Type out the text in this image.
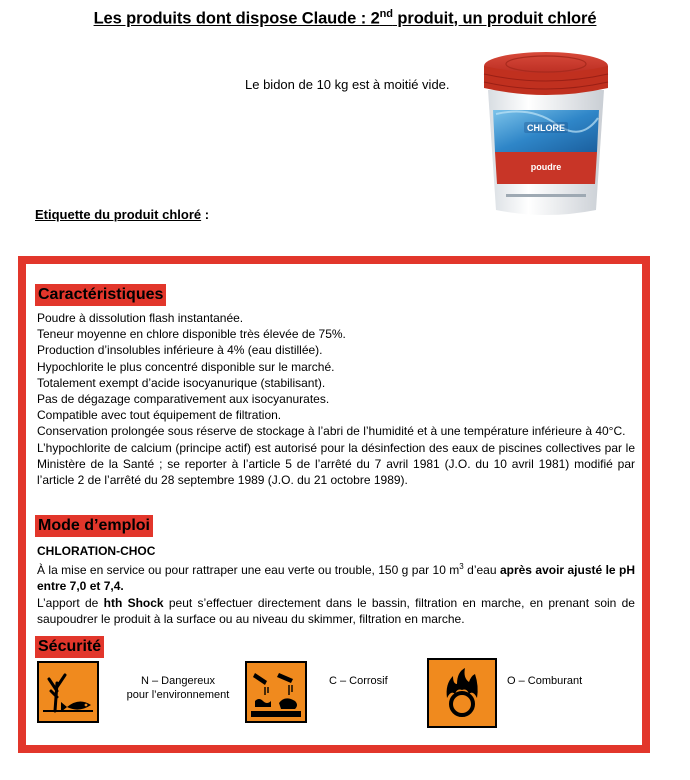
Les produits dont dispose Claude : 2nd produit, un produit chloré
Le bidon de 10 kg est à moitié vide.
CHLORE
poudre
Etiquette du produit chloré :
Caractéristiques

Poudre à dissolution flash instantanée.

Teneur moyenne en chlore disponible très élevée de 75%.

Production d’insolubles inférieure à 4% (eau distillée).

Hypochlorite le plus concentré disponible sur le marché.

Totalement exempt d’acide isocyanurique (stabilisant).

Pas de dégazage comparativement aux isocyanurates.

Compatible avec tout équipement de filtration.

Conservation prolongée sous réserve de stockage à l’abri de l’humidité et à une température inférieure à 40°C.

L’hypochlorite de calcium (principe actif) est autorisé pour la désinfection des eaux de piscines collectives par le Ministère de la Santé ; se reporter à l’article 5 de l’arrêté du 7 avril 1981 (J.O. du 10 avril 1981) modifié par l’article 2 de l’arrêté du 28 septembre 1989 (J.O. du 21 octobre 1989).

Mode d’emploi

CHLORATION-CHOC

À la mise en service ou pour rattraper une eau verte ou trouble, 150 g par 10 $m^3$ d’eau après avoir ajusté le pH entre 7,0 et 7,4.

L’apport de hth Shock peut s’effectuer directement dans le bassin, filtration en marche, en prenant soin de saupoudrer le produit à la surface ou au niveau du skimmer, filtration en marche.

Sécurité
N – Dangereux
pour l’environnement
C – Corrosif	O – Comburant
